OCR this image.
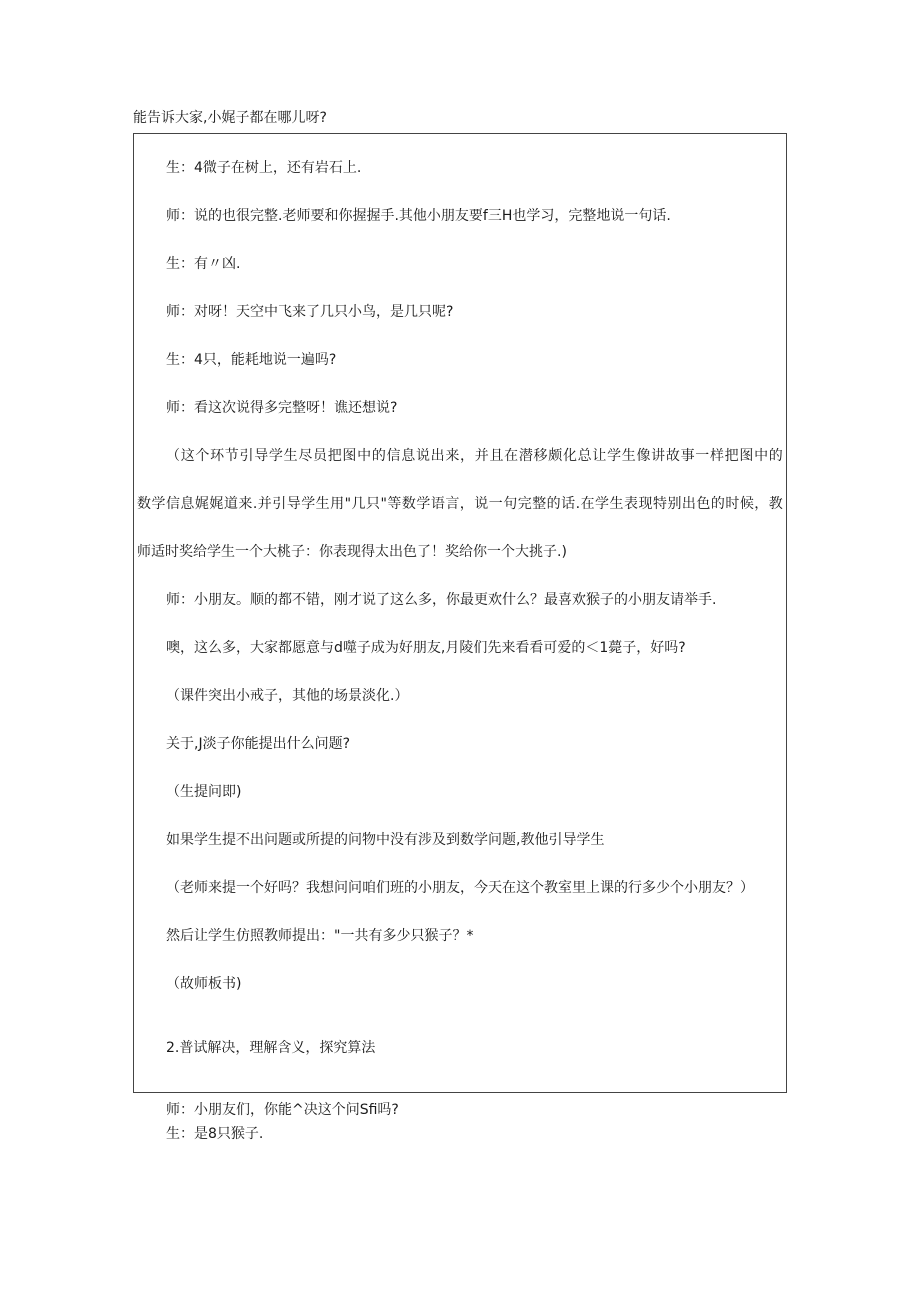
能告诉大家,小娓子都在哪儿呀?
生：4微子在树上，还有岩石上.
师：说的也很完整.老师要和你握握手.其他小朋友要f三H也学习，完整地说一句话.
生：有〃凶.
师：对呀！天空中飞来了几只小鸟，是几只呢?
生：4只，能耗地说一遍吗?
师：看这次说得多完整呀！谯还想说?
（这个环节引导学生尽员把图中的信息说出来，并且在潜移颇化总让学生像讲故事一样把图中的
数学信息娓娓道来.并引导学生用"几只"等数学语言，说一句完整的话.在学生表现特别出色的时候，教
师适时奖给学生一个大桃子：你表现得太出色了！奖给你一个大挑子.)
师：小朋友。顺的都不错，刚才说了这么多，你最更欢什么？最喜欢猴子的小朋友请举手.
噢，这么多，大家都愿意与d噬子成为好朋友,月陵们先来看看可爱的＜1薨子，好吗?
（课件突出小戒子，其他的场景淡化.）
关于,J淡子你能提出什么问题?
（生提问即)
如果学生提不出问题或所提的问物中没有涉及到数学问题,教他引导学生
（老师来提一个好吗？我想问问咱们班的小朋友，今天在这个教室里上课的行多少个小朋友？）
然后让学生仿照教师提出："一共有多少只猴子？*
（故师板书)
2.普试解决，理解含义，探究算法
师：小朋友们，你能^决这个问Sfi吗?
生：是8只猴子.
